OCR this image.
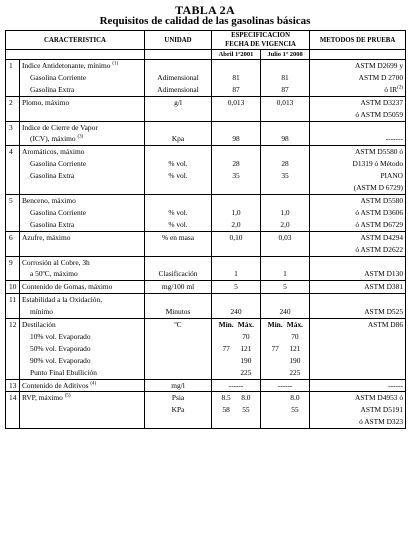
TABLA 2A
Requisitos de calidad de las gasolinas básicas
CARACTERISTICA		UNIDAD	ESPECIFICACION
FECHA DE VIGENCIA		METODOS DE PRUEBA
			Abril 1º2001	Julio 1º 2008	
1	Indice Antidetonante, mínimo $^{(1)}$				ASTM D2699 y
	Gasolina Corriente	Adimensional	81	81	ASTM D 2700
	Gasolina Extra	Adimensional	87	87	ó IR$^{(2)}$
2	Plomo, máximo	g/l	0,013	0,013	ASTM D3237
					ó ASTM D5059
3	Indice de Cierre de Vapor				
	(ICV), máximo $^{(3)}$	Kpa	98	98	-------
4	Aromáticos, máximo				ASTM D5580 ó
	Gasolina Corriente	% vol.	28	28	D1319 ó Método
	Gasolina Extra	% vol.	35	35	PIANO
					(ASTM D 6729)
5	Benceno, máximo				ASTM D5580
	Gasolina Corriente	% vol.	1,0	1,0	ó ASTM D3606
	Gasolina Extra	% vol.	2,0	2,0	ó ASTM D6729
6	Azufre, máximo	% en masa	0,10	0,03	ASTM D4294
					ó ASTM D2622
9	Corrosión al Cobre, 3h				
	a 50ºC, máximo	Clasificación	1	1	ASTM D130
10	Contenido de Gomas, máximo	mg/100 ml	5	5	ASTM D381
11	Estabilidad a la Oxidación,				
	mínimo	Minutos	240	240	ASTM D525
12	Destilación	ºC	Mín. Máx.	Mín. Máx.	ASTM D86
	10% vol. Evaporado		70	70	

	50% vol. Evaporado		77 121	77 121	

	90% vol. Evaporado		190	190	

	Punto Final Ebullición		225	225	

13	Contenido de Aditivos $^{(4)}$	mg/l	------	------	------
14	RVP, máximo $^{(5)}$	Psia	8.5 8.0	8.0	ASTM D4953 ó
		KPa	58 55	55	ASTM D5191

	ó ASTM D323
